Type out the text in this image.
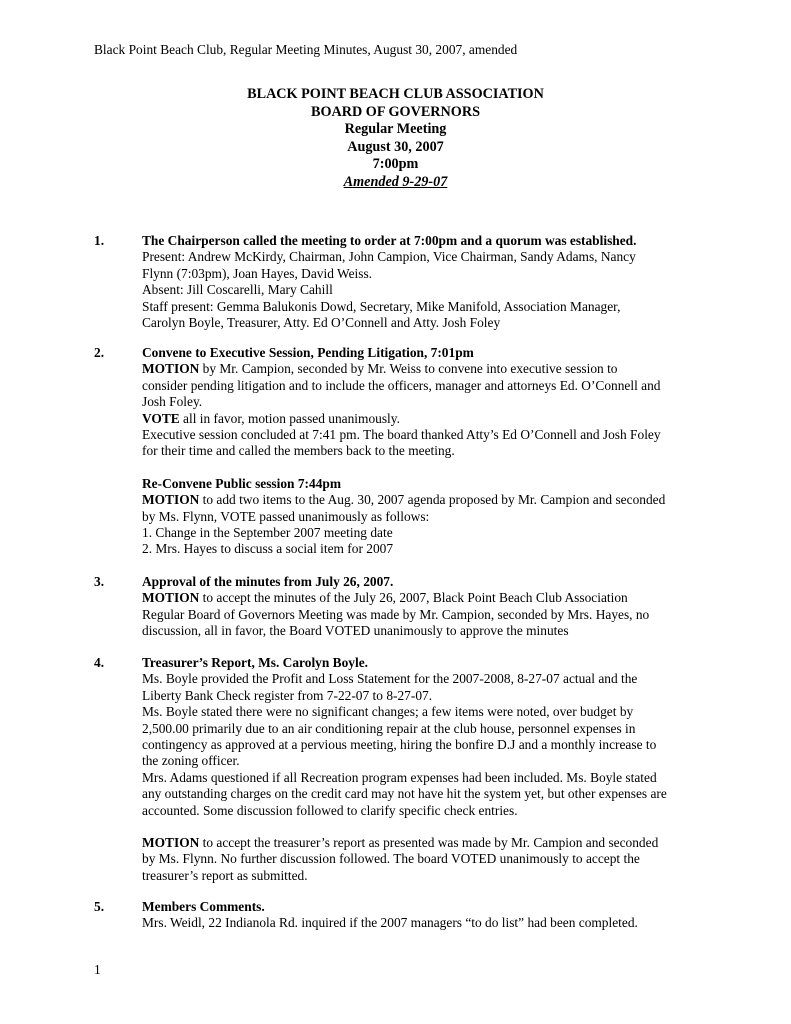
Black Point Beach Club, Regular Meeting Minutes, August 30, 2007, amended
BLACK POINT BEACH CLUB ASSOCIATION
BOARD OF GOVERNORS
Regular Meeting
August 30, 2007
7:00pm
Amended 9-29-07
1.	The Chairperson called the meeting to order at 7:00pm and a quorum was established.
Present: Andrew McKirdy, Chairman, John Campion, Vice Chairman, Sandy Adams, Nancy
Flynn (7:03pm), Joan Hayes, David Weiss.
Absent: Jill Coscarelli, Mary Cahill
Staff present: Gemma Balukonis Dowd, Secretary, Mike Manifold, Association Manager,
Carolyn Boyle, Treasurer, Atty. Ed O’Connell and Atty. Josh Foley
2.	Convene to Executive Session, Pending Litigation, 7:01pm
MOTION by Mr. Campion, seconded by Mr. Weiss to convene into executive session to
consider pending litigation and to include the officers, manager and attorneys Ed. O’Connell and
Josh Foley.
VOTE all in favor, motion passed unanimously.
Executive session concluded at 7:41 pm. The board thanked Atty’s Ed O’Connell and Josh Foley
for their time and called the members back to the meeting.
Re-Convene Public session 7:44pm
MOTION to add two items to the Aug. 30, 2007 agenda proposed by Mr. Campion and seconded
by Ms. Flynn, VOTE passed unanimously as follows:
1. Change in the September 2007 meeting date
2. Mrs. Hayes to discuss a social item for 2007
3.	Approval of the minutes from July 26, 2007.
MOTION to accept the minutes of the July 26, 2007, Black Point Beach Club Association
Regular Board of Governors Meeting was made by Mr. Campion, seconded by Mrs. Hayes, no
discussion, all in favor, the Board VOTED unanimously to approve the minutes
4.	Treasurer’s Report, Ms. Carolyn Boyle.
Ms. Boyle provided the Profit and Loss Statement for the 2007-2008, 8-27-07 actual and the
Liberty Bank Check register from 7-22-07 to 8-27-07.
Ms. Boyle stated there were no significant changes; a few items were noted, over budget by
2,500.00 primarily due to an air conditioning repair at the club house, personnel expenses in
contingency as approved at a pervious meeting, hiring the bonfire D.J and a monthly increase to
the zoning officer.
Mrs. Adams questioned if all Recreation program expenses had been included. Ms. Boyle stated
any outstanding charges on the credit card may not have hit the system yet, but other expenses are
accounted. Some discussion followed to clarify specific check entries.
MOTION to accept the treasurer’s report as presented was made by Mr. Campion and seconded
by Ms. Flynn. No further discussion followed. The board VOTED unanimously to accept the
treasurer’s report as submitted.
5.	Members Comments.
Mrs. Weidl, 22 Indianola Rd. inquired if the 2007 managers “to do list” had been completed.
1
